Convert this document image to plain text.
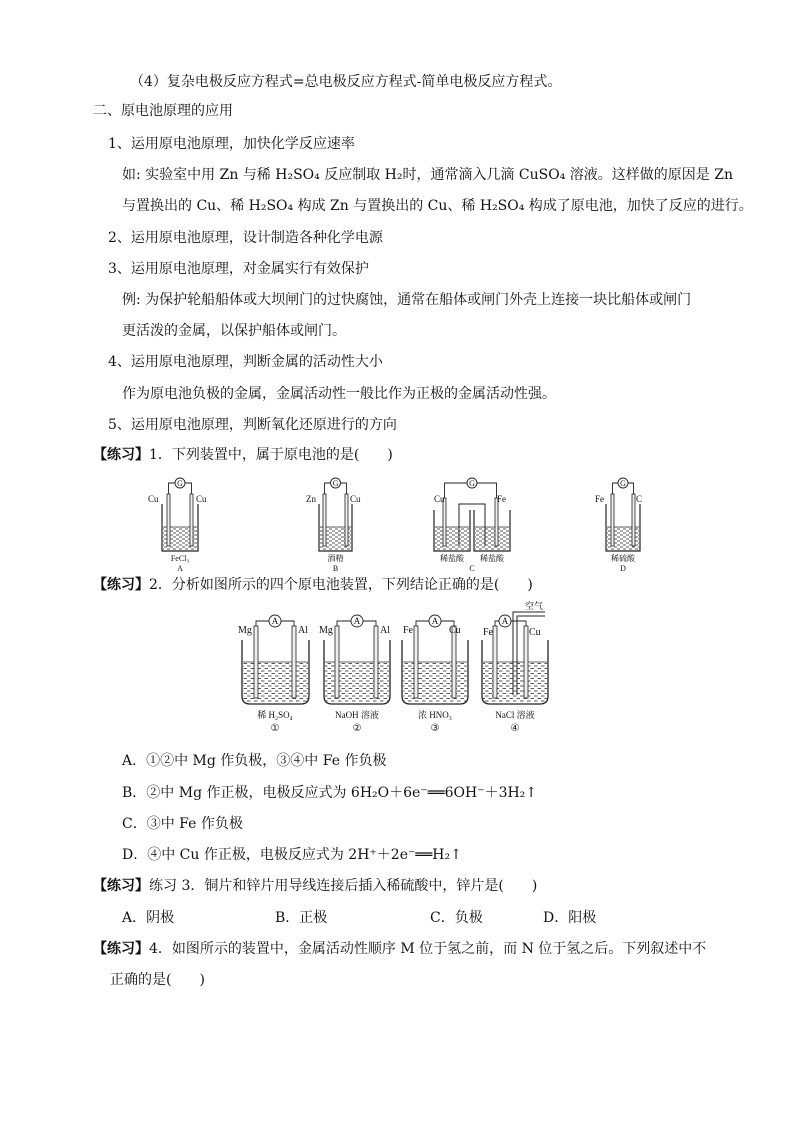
（4）复杂电极反应方程式=总电极反应方程式-简单电极反应方程式。
二、原电池原理的应用
1、运用原电池原理，加快化学反应速率
如: 实验室中用 Zn 与稀 H₂SO₄ 反应制取 H₂时，通常滴入几滴 CuSO₄ 溶液。这样做的原因是 Zn
与置换出的 Cu、稀 H₂SO₄ 构成 Zn 与置换出的 Cu、稀 H₂SO₄ 构成了原电池，加快了反应的进行。
2、运用原电池原理，设计制造各种化学电源
3、运用原电池原理，对金属实行有效保护
例: 为保护轮船船体或大坝闸门的过快腐蚀，通常在船体或闸门外壳上连接一块比船体或闸门
更活泼的金属，以保护船体或闸门。
4、运用原电池原理，判断金属的活动性大小
作为原电池负极的金属，金属活动性一般比作为正极的金属活动性强。
5、运用原电池原理，判断氧化还原进行的方向
【练习】1．下列装置中，属于原电池的是(　　)
G
Cu	Cu
FeCl₃
A
G
Zn	Cu
酒精
B
G
Cu	Fe
稀盐酸 稀盐酸
C
G
Fe	C
稀硫酸
D
【练习】2．分析如图所示的四个原电池装置，下列结论正确的是(　　)
A
Mg	Al
稀 H₂SO₄
①
A
Mg	Al
NaOH 溶液
②
A
Fe	Cu
浓 HNO₃
③
A
空气
Fe	Cu
NaCl 溶液
④
A．①②中 Mg 作负极，③④中 Fe 作负极
B．②中 Mg 作正极，电极反应式为 6H₂O＋6e⁻══6OH⁻＋3H₂↑
C．③中 Fe 作负极
D．④中 Cu 作正极，电极反应式为 2H⁺＋2e⁻══H₂↑
【练习】练习 3．铜片和锌片用导线连接后插入稀硫酸中，锌片是(　　)
A．阴极	B．正极	C．负极	D．阳极
【练习】4．如图所示的装置中，金属活动性顺序 M 位于氢之前，而 N 位于氢之后。下列叙述中不
正确的是(　　)
